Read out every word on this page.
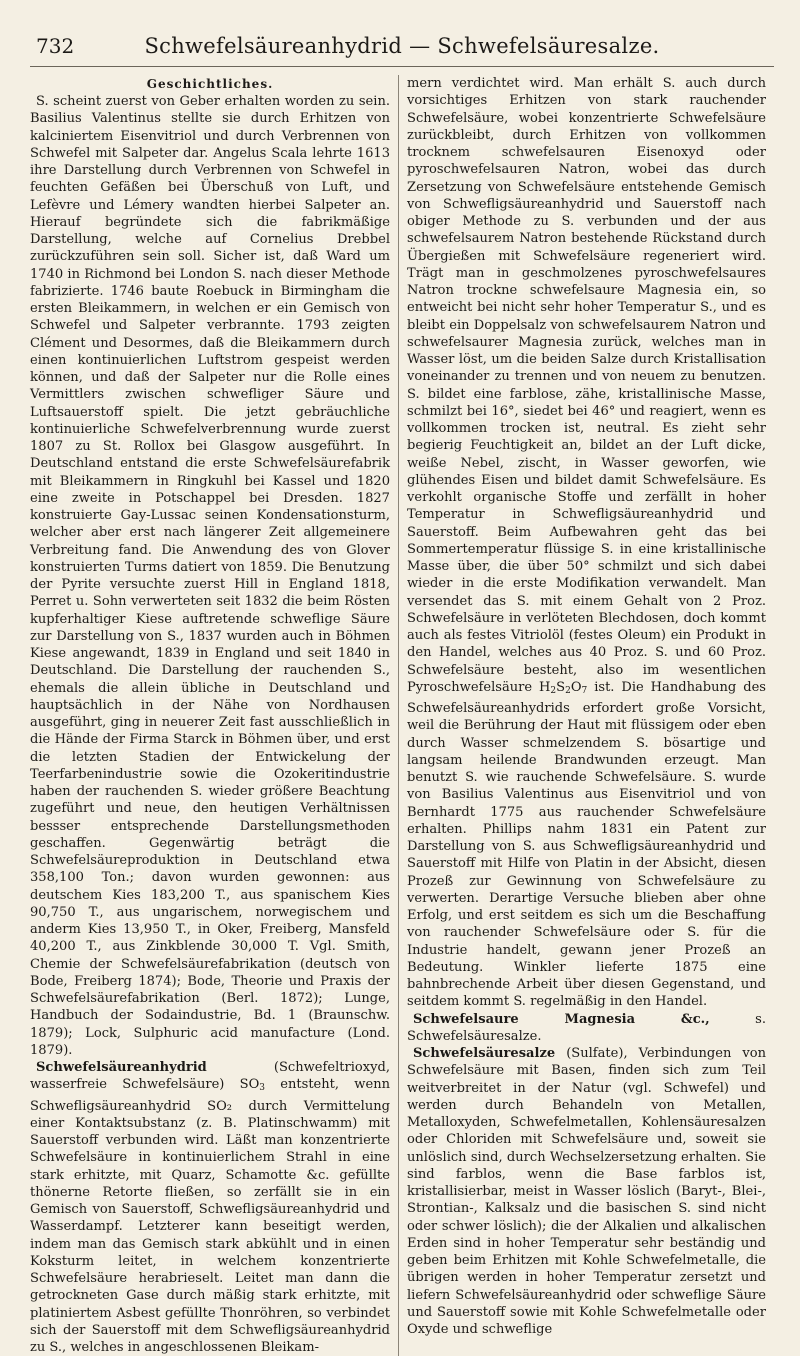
732	Schwefelsäureanhydrid — Schwefelsäuresalze.
Geschichtliches.

S. scheint zuerst von Geber erhalten worden zu sein. Basilius Valentinus stellte sie durch Erhitzen von kalciniertem Eisenvitriol und durch Verbrennen von Schwefel mit Salpeter dar. Angelus Scala lehrte 1613 ihre Darstellung durch Verbrennen von Schwefel in feuchten Gefäßen bei Überschuß von Luft, und Lefèvre und Lémery wandten hierbei Salpeter an. Hierauf begründete sich die fabrikmäßige Darstellung, welche auf Cornelius Drebbel zurückzuführen sein soll. Sicher ist, daß Ward um 1740 in Richmond bei London S. nach dieser Methode fabrizierte. 1746 baute Roebuck in Birmingham die ersten Bleikammern, in welchen er ein Gemisch von Schwefel und Salpeter verbrannte. 1793 zeigten Clément und Desormes, daß die Bleikammern durch einen kontinuierlichen Luftstrom gespeist werden können, und daß der Salpeter nur die Rolle eines Vermittlers zwischen schwefliger Säure und Luftsauerstoff spielt. Die jetzt gebräuchliche kontinuierliche Schwefelverbrennung wurde zuerst 1807 zu St. Rollox bei Glasgow ausgeführt. In Deutschland entstand die erste Schwefelsäurefabrik mit Bleikammern in Ringkuhl bei Kassel und 1820 eine zweite in Potschappel bei Dresden. 1827 konstruierte Gay-Lussac seinen Kondensationsturm, welcher aber erst nach längerer Zeit allgemeinere Verbreitung fand. Die Anwendung des von Glover konstruierten Turms datiert von 1859. Die Benutzung der Pyrite versuchte zuerst Hill in England 1818, Perret u. Sohn verwerteten seit 1832 die beim Rösten kupferhaltiger Kiese auftretende schweflige Säure zur Darstellung von S., 1837 wurden auch in Böhmen Kiese angewandt, 1839 in England und seit 1840 in Deutschland. Die Darstellung der rauchenden S., ehemals die allein übliche in Deutschland und hauptsächlich in der Nähe von Nordhausen ausgeführt, ging in neuerer Zeit fast ausschließlich in die Hände der Firma Starck in Böhmen über, und erst die letzten Stadien der Entwickelung der Teerfarbenindustrie sowie die Ozokeritindustrie haben der rauchenden S. wieder größere Beachtung zugeführt und neue, den heutigen Verhältnissen bessser entsprechende Darstellungsmethoden geschaffen. Gegenwärtig beträgt die Schwefelsäureproduktion in Deutschland etwa 358,100 Ton.; davon wurden gewonnen: aus deutschem Kies 183,200 T., aus spanischem Kies 90,750 T., aus ungarischem, norwegischem und anderm Kies 13,950 T., in Oker, Freiberg, Mansfeld 40,200 T., aus Zinkblende 30,000 T. Vgl. Smith, Chemie der Schwefelsäurefabrikation (deutsch von Bode, Freiberg 1874); Bode, Theorie und Praxis der Schwefelsäurefabrikation (Berl. 1872); Lunge, Handbuch der Sodaindustrie, Bd. 1 (Braunschw. 1879); Lock, Sulphuric acid manufacture (Lond. 1879).

Schwefelsäureanhydrid	(Schwefeltrioxyd, wasserfreie Schwefelsäure) $SO_3$ entsteht, wenn Schwefligsäureanhydrid SO₂ durch Vermittelung einer Kontaktsubstanz (z. B. Platinschwamm) mit Sauerstoff verbunden wird. Läßt man konzentrierte Schwefelsäure in kontinuierlichem Strahl in eine stark erhitzte, mit Quarz, Schamotte &c. gefüllte thönerne Retorte fließen, so zerfällt sie in ein Gemisch von Sauerstoff, Schwefligsäureanhydrid und Wasserdampf. Letzterer kann beseitigt werden, indem man das Gemisch stark abkühlt und in einen Koksturm leitet, in welchem konzentrierte Schwefelsäure herabrieselt. Leitet man dann die getrockneten Gase durch mäßig stark erhitzte, mit platiniertem Asbest gefüllte Thonröhren, so verbindet sich der Sauerstoff mit dem Schwefligsäureanhydrid zu S., welches in angeschlossenen Bleikam-

mern verdichtet wird. Man erhält S. auch durch vorsichtiges Erhitzen von stark rauchender Schwefelsäure, wobei konzentrierte Schwefelsäure zurückbleibt, durch Erhitzen von vollkommen trocknem schwefelsauren Eisenoxyd oder pyroschwefelsauren Natron, wobei das durch Zersetzung von Schwefelsäure entstehende Gemisch von Schwefligsäureanhydrid und Sauerstoff nach obiger Methode zu S. verbunden und der aus schwefelsaurem Natron bestehende Rückstand durch Übergießen mit Schwefelsäure regeneriert wird. Trägt man in geschmolzenes pyroschwefelsaures Natron trockne schwefelsaure Magnesia ein, so entweicht bei nicht sehr hoher Temperatur S., und es bleibt ein Doppelsalz von schwefelsaurem Natron und schwefelsaurer Magnesia zurück, welches man in Wasser löst, um die beiden Salze durch Kristallisation voneinander zu trennen und von neuem zu benutzen. S. bildet eine farblose, zähe, kristallinische Masse, schmilzt bei 16°, siedet bei 46° und reagiert, wenn es vollkommen trocken ist, neutral. Es zieht sehr begierig Feuchtigkeit an, bildet an der Luft dicke, weiße Nebel, zischt, in Wasser geworfen, wie glühendes Eisen und bildet damit Schwefelsäure. Es verkohlt organische Stoffe und zerfällt in hoher Temperatur in Schwefligsäureanhydrid und Sauerstoff. Beim Aufbewahren geht das bei Sommertemperatur flüssige S. in eine kristallinische Masse über, die über 50° schmilzt und sich dabei wieder in die erste Modifikation verwandelt. Man versendet das S. mit einem Gehalt von 2 Proz. Schwefelsäure in verlöteten Blechdosen, doch kommt auch als festes Vitriolöl (festes Oleum) ein Produkt in den Handel, welches aus 40 Proz. S. und 60 Proz. Schwefelsäure besteht, also im wesentlichen Pyroschwefelsäure $H_2S_2O_7$ ist. Die Handhabung des Schwefelsäureanhydrids erfordert große Vorsicht, weil die Berührung der Haut mit flüssigem oder eben durch Wasser schmelzendem S. bösartige und langsam heilende Brandwunden erzeugt. Man benutzt S. wie rauchende Schwefelsäure. S. wurde von Basilius Valentinus aus Eisenvitriol und von Bernhardt 1775 aus rauchender Schwefelsäure erhalten. Phillips nahm 1831 ein Patent zur Darstellung von S. aus Schwefligsäureanhydrid und Sauerstoff mit Hilfe von Platin in der Absicht, diesen Prozeß zur Gewinnung von Schwefelsäure zu verwerten. Derartige Versuche blieben aber ohne Erfolg, und erst seitdem es sich um die Beschaffung von rauchender Schwefelsäure oder S. für die Industrie handelt, gewann jener Prozeß an Bedeutung. Winkler lieferte 1875 eine bahnbrechende Arbeit über diesen Gegenstand, und seitdem kommt S. regelmäßig in den Handel.

Schwefelsaure Magnesia &c., s. Schwefelsäuresalze.

Schwefelsäuresalze (Sulfate), Verbindungen von Schwefelsäure mit Basen, finden sich zum Teil weitverbreitet in der Natur (vgl. Schwefel) und werden durch Behandeln von Metallen, Metalloxyden, Schwefelmetallen, Kohlensäuresalzen oder Chloriden mit Schwefelsäure und, soweit sie unlöslich sind, durch Wechselzersetzung erhalten. Sie sind farblos, wenn die Base farblos ist, kristallisierbar, meist in Wasser löslich (Baryt-, Blei-, Strontian-, Kalksalz und die basischen S. sind nicht oder schwer löslich); die der Alkalien und alkalischen Erden sind in hoher Temperatur sehr beständig und geben beim Erhitzen mit Kohle Schwefelmetalle, die übrigen werden in hoher Temperatur zersetzt und liefern Schwefelsäureanhydrid oder schweflige Säure und Sauerstoff sowie mit Kohle Schwefelmetalle oder Oxyde und schweflige
